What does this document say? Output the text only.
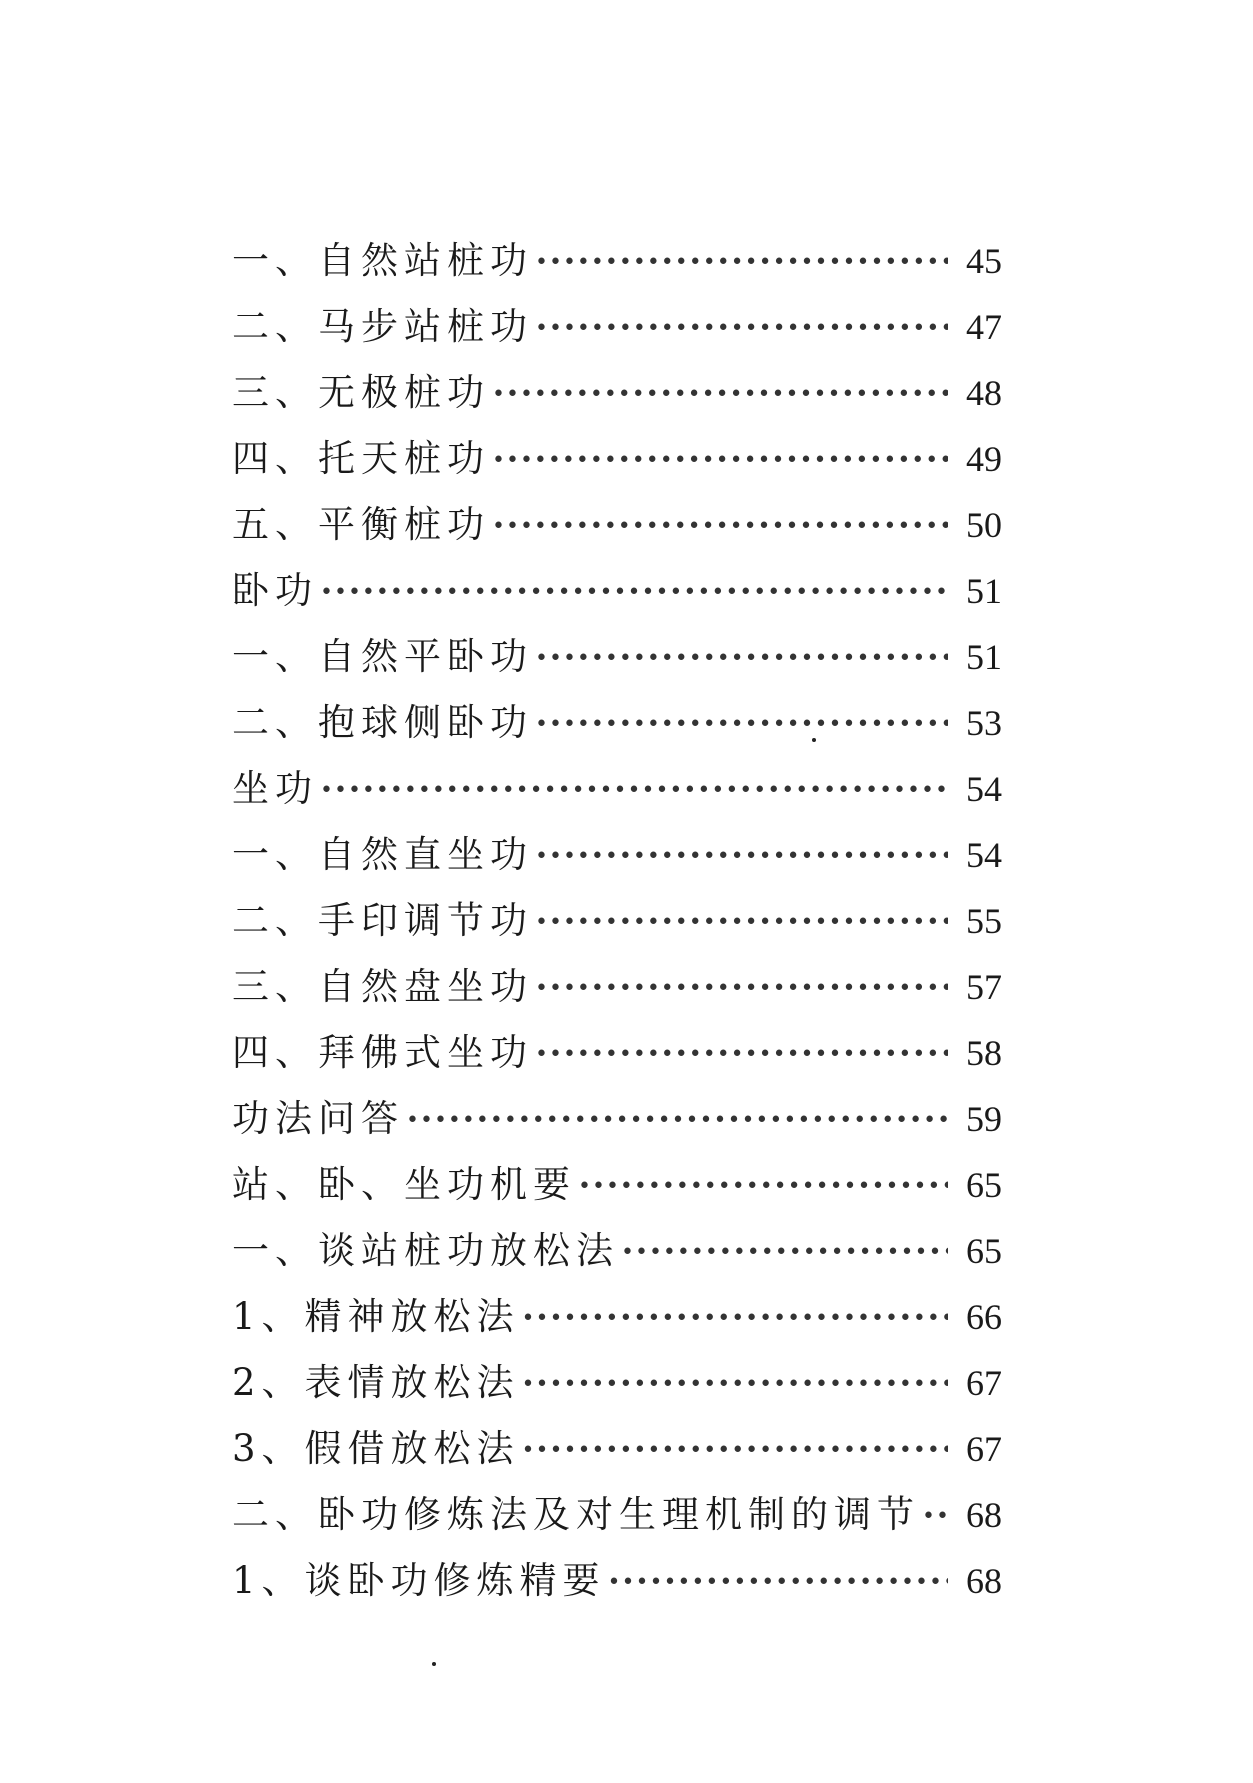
一、自然站桩功 •••••	45
二、马步站桩功 •••••	47
三、无极桩功 •••••	48
四、托天桩功 •••••	49
五、平衡桩功 •••••	50
卧功 •••••	51
一、自然平卧功 •••••	51
二、抱球侧卧功 •••••	53
坐功 •••••	54
一、自然直坐功 •••••	54
二、手印调节功 •••••	55
三、自然盘坐功 •••••	57
四、拜佛式坐功 •••••	58
功法问答 •••••	59
站、卧、坐功机要 •••••	65
一、谈站桩功放松法 •••••	65
1、精神放松法 •••••	66
2、表情放松法 •••••	67
3、假借放松法 •••••	67
二、卧功修炼法及对生理机制的调节 •••••	68
1、谈卧功修炼精要 •••••	68
